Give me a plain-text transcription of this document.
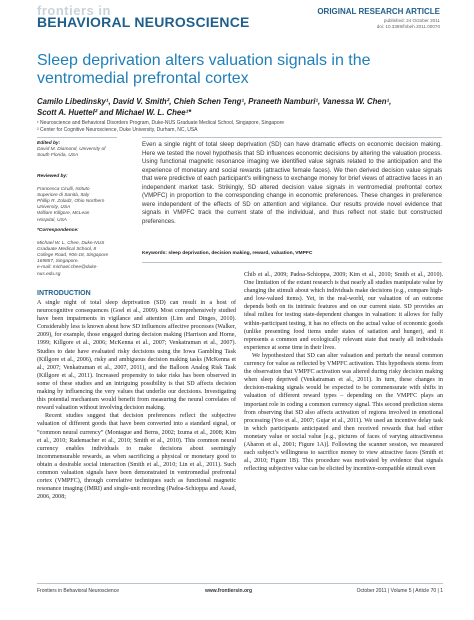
frontiers in
BEHAVIORAL NEUROSCIENCE
ORIGINAL RESEARCH ARTICLE
published: 24 October 2011
doi: 10.3389/fnbeh.2011.00070
Sleep deprivation alters valuation signals in the ventromedial prefrontal cortex
Camilo Libedinsky¹, David V. Smith², Chieh Schen Teng¹, Praneeth Namburi¹, Vanessa W. Chen¹,
Scott A. Huettel² and Michael W. L. Chee¹*
¹ Neuroscience and Behavioral Disorders Program, Duke-NUS Graduate Medical School, Singapore, Singapore
² Center for Cognitive Neuroscience, Duke University, Durham, NC, USA
Edited by:
David M. Diamond, University of South Florida, USA

Reviewed by:

Francesca Cirulli, Istituto Superiore di Sanità, Italy
Phillip R. Zoladz, Ohio Northern University, USA
William Killgore, McLean Hospital, USA

*Correspondence:

Michael W. L. Chee, Duke-NUS Graduate Medical School, 8 College Road, #06-18, Singapore 169857, Singapore.
e-mail: michael.chee@duke-nus.edu.sg

Even a single night of total sleep deprivation (SD) can have dramatic effects on economic decision making. Here we tested the novel hypothesis that SD influences economic decisions by altering the valuation process. Using functional magnetic resonance imaging we identified value signals related to the anticipation and the experience of monetary and social rewards (attractive female faces). We then derived decision value signals that were predictive of each participant's willingness to exchange money for brief views of attractive faces in an independent market task. Strikingly, SD altered decision value signals in ventromedial prefrontal cortex (VMPFC) in proportion to the corresponding change in economic preferences. These changes in preference were independent of the effects of SD on attention and vigilance. Our results provide novel evidence that signals in VMPFC track the current state of the individual, and thus reflect not static but constructed preferences.
Keywords: sleep deprivation, decision making, reward, valuation, VMPFC
INTRODUCTION

A single night of total sleep deprivation (SD) can result in a host of neurocognitive consequences (Goel et al., 2009). Most comprehensively studied have been impairments in vigilance and attention (Lim and Dinges, 2010). Considerably less is known about how SD influences affective processes (Walker, 2009), for example, those engaged during decision making (Harrison and Horne, 1999; Killgore et al., 2006; McKenna et al., 2007; Venkatraman et al., 2007). Studies to date have evaluated risky decisions using the Iowa Gambling Task (Killgore et al., 2006), risky and ambiguous decision making tasks (McKenna et al., 2007; Venkatraman et al., 2007, 2011), and the Balloon Analog Risk Task (Killgore et al., 2011). Increased propensity to take risks has been observed in some of these studies and an intriguing possibility is that SD affects decision making by influencing the very values that underlie our decisions. Investigating this potential mechanism would benefit from measuring the neural correlates of reward valuation without involving decision making.

Recent studies suggest that decision preferences reflect the subjective valuation of different goods that have been converted into a standard signal, or “common neural currency” (Montague and Berns, 2002; Izuma et al., 2008; Kim et al., 2010; Rademacher et al., 2010; Smith et al., 2010). This common neural currency enables individuals to make decisions about seemingly incommensurable rewards, as when sacrificing a physical or monetary good to obtain a desirable social interaction (Smith et al., 2010; Lin et al., 2011). Such common valuation signals have been demonstrated in ventromedial prefrontal cortex (VMPFC), through correlative techniques such as functional magnetic resonance imaging (fMRI) and single-unit recording (Padoa-Schioppa and Assad, 2006, 2008;

Chib et al., 2009; Padoa-Schioppa, 2009; Kim et al., 2010; Smith et al., 2010). One limitation of the extant research is that nearly all studies manipulate value by changing the stimuli about which individuals make decisions (e.g., compare high- and low-valued items). Yet, in the real-world, our valuation of an outcome depends both on its intrinsic features and on our current state. SD provides an ideal milieu for testing state-dependent changes in valuation: it allows for fully within-participant testing, it has no effects on the actual value of economic goods (unlike presenting food items under states of satiation and hunger), and it represents a common and ecologically relevant state that nearly all individuals experience at some time in their lives.

We hypothesized that SD can alter valuation and perturb the neural common currency for value as reflected by VMPFC activation. This hypothesis stems from the observation that VMPFC activation was altered during risky decision making when sleep deprived (Venkatraman et al., 2011). In turn, these changes in decision-making signals would be expected to be commensurate with shifts in valuation of different reward types – depending on the VMPFC plays an important role in coding a common currency signal. This second prediction stems from observing that SD also affects activation of regions involved in emotional processing (Yoo et al., 2007; Gujar et al., 2011). We used an incentive delay task in which participants anticipated and then received rewards that had either monetary value or social value [e.g., pictures of faces of varying attractiveness (Aharon et al., 2001; Figure 1A)]. Following the scanner session, we measured each subject’s willingness to sacrifice money to view attractive faces (Smith et al., 2010; Figure 1B). This procedure was motivated by evidence that signals reflecting subjective value can be elicited by incentive-compatible stimuli even

Frontiers in Behavioral Neuroscience	www.frontiersin.org	October 2011 | Volume 5 | Article 70 | 1
